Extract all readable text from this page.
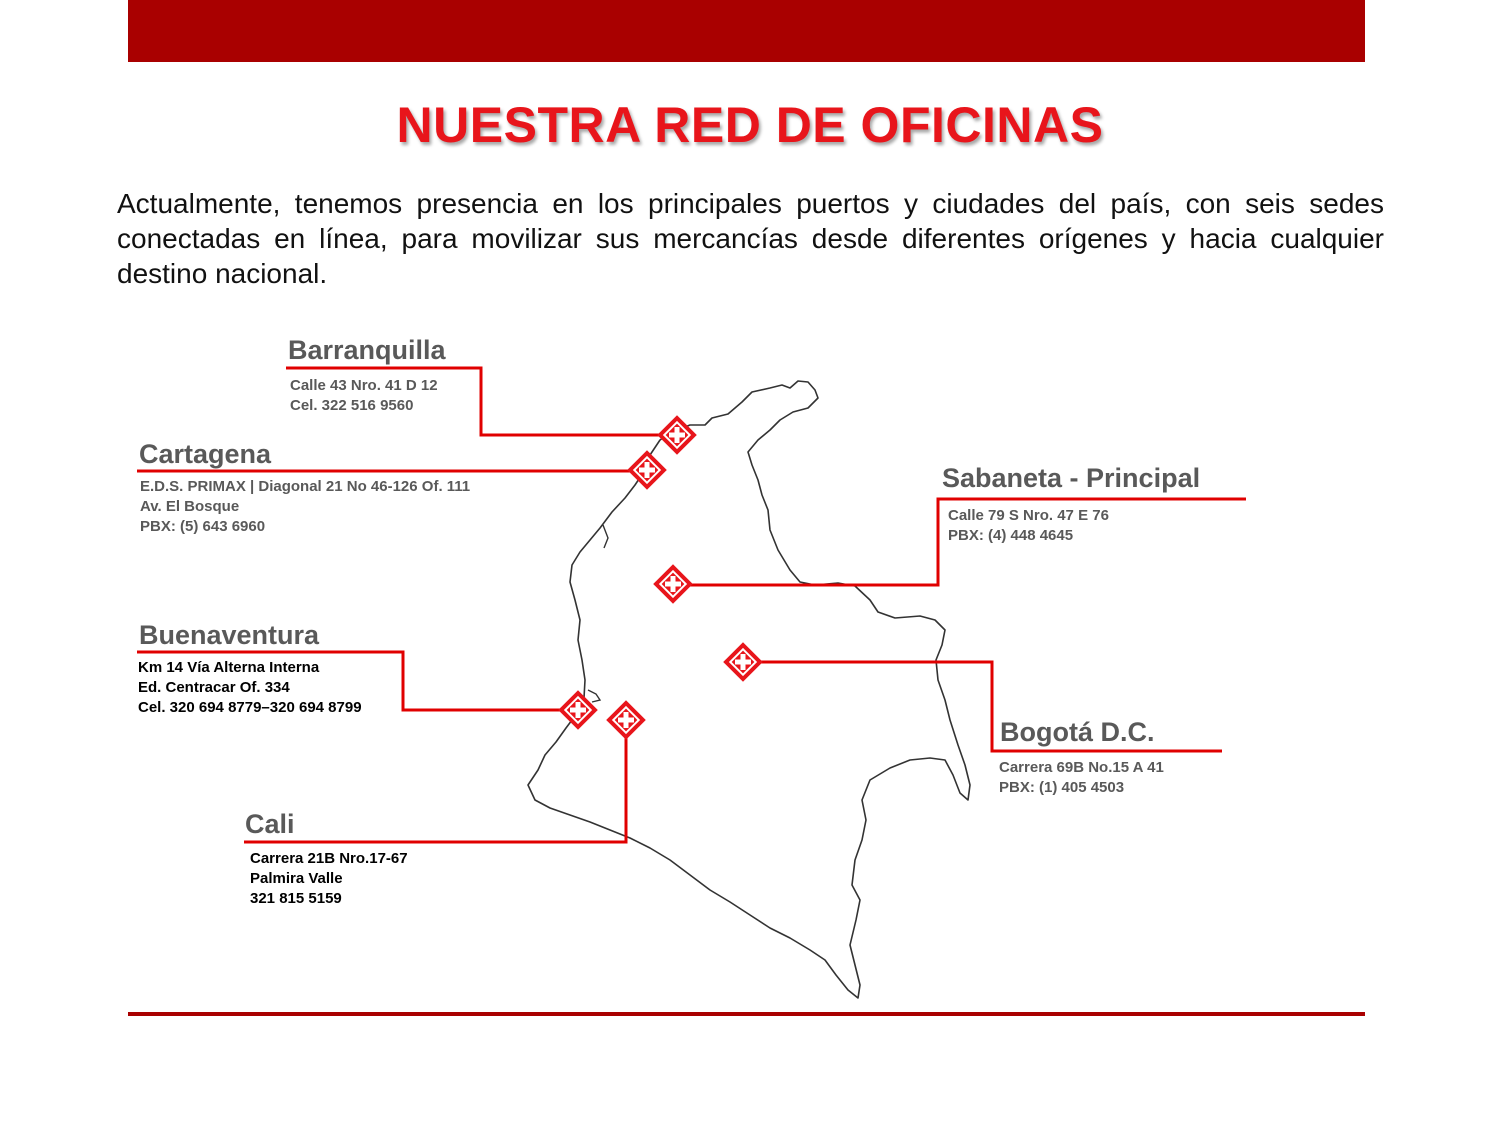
NUESTRA RED DE OFICINAS
Actualmente, tenemos presencia en los principales puertos y ciudades del país, con seis sedes conectadas en línea, para movilizar sus mercancías desde diferentes orígenes y hacia cualquier destino nacional.
Barranquilla
Calle 43 Nro. 41 D 12
Cel. 322 516 9560
Cartagena
E.D.S. PRIMAX | Diagonal 21 No 46-126 Of. 111
Av. El Bosque
PBX: (5) 643 6960
Sabaneta - Principal
Calle 79 S Nro. 47 E 76
PBX: (4) 448 4645
Buenaventura
Km 14 Vía Alterna Interna
Ed. Centracar Of. 334
Cel. 320 694 8779–320 694 8799
Bogotá D.C.
Carrera 69B No.15 A 41
PBX: (1) 405 4503
Cali
Carrera 21B Nro.17-67
Palmira Valle
321 815 5159
